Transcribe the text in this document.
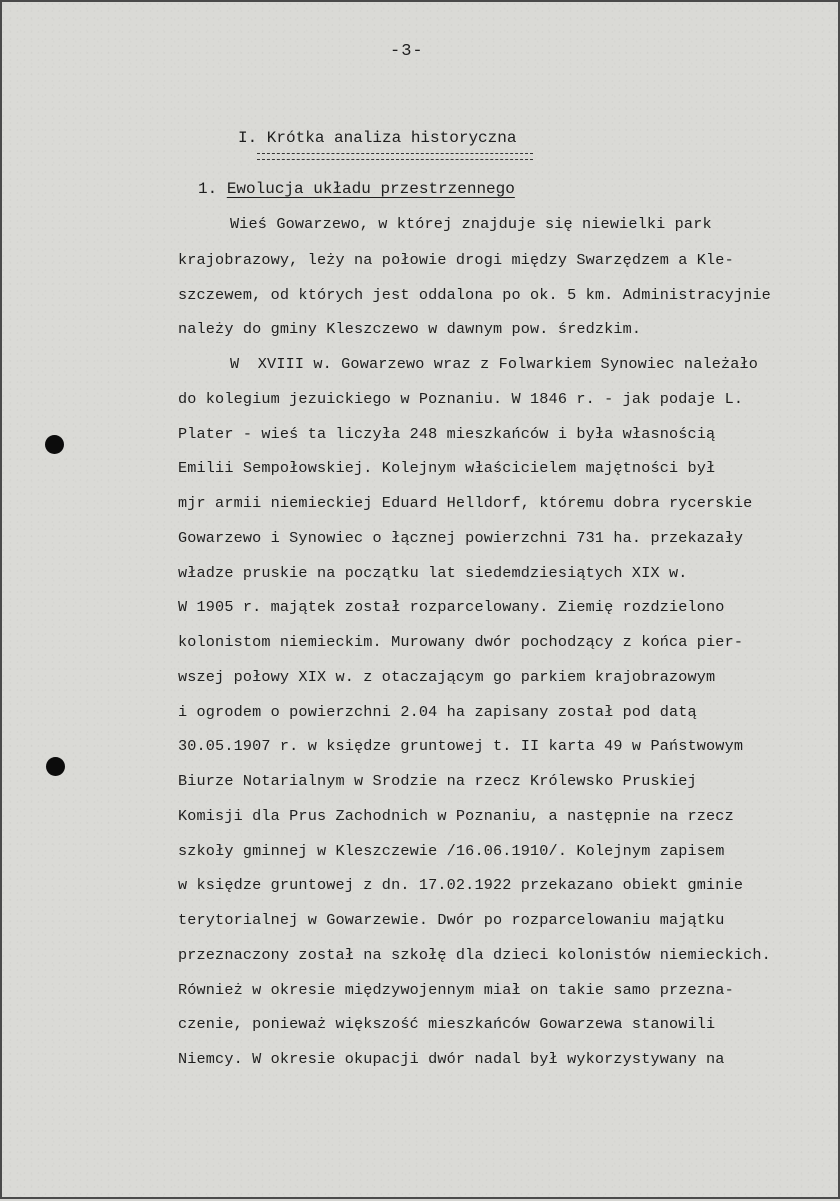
-3-
I. Krótka analiza historyczna
1. Ewolucja układu przestrzennego
Wieś Gowarzewo, w której znajduje się niewielki park
krajobrazowy, leży na połowie drogi między Swarzędzem a Kle-
szczewem, od których jest oddalona po ok. 5 km. Administracyjnie
należy do gminy Kleszczewo w dawnym pow. średzkim.
W  XVIII w. Gowarzewo wraz z Folwarkiem Synowiec należało
do kolegium jezuickiego w Poznaniu. W 1846 r. - jak podaje L.
Plater - wieś ta liczyła 248 mieszkańców i była własnością
Emilii Sempołowskiej. Kolejnym właścicielem majętności był
mjr armii niemieckiej Eduard Helldorf, któremu dobra rycerskie
Gowarzewo i Synowiec o łącznej powierzchni 731 ha. przekazały
władze pruskie na początku lat siedemdziesiątych XIX w.
W 1905 r. majątek został rozparcelowany. Ziemię rozdzielono
kolonistom niemieckim. Murowany dwór pochodzący z końca pier-
wszej połowy XIX w. z otaczającym go parkiem krajobrazowym
i ogrodem o powierzchni 2.04 ha zapisany został pod datą
30.05.1907 r. w księdze gruntowej t. II karta 49 w Państwowym
Biurze Notarialnym w Srodzie na rzecz Królewsko Pruskiej
Komisji dla Prus Zachodnich w Poznaniu, a następnie na rzecz
szkoły gminnej w Kleszczewie /16.06.1910/. Kolejnym zapisem
w księdze gruntowej z dn. 17.02.1922 przekazano obiekt gminie
terytorialnej w Gowarzewie. Dwór po rozparcelowaniu majątku
przeznaczony został na szkołę dla dzieci kolonistów niemieckich.
Również w okresie międzywojennym miał on takie samo przezna-
czenie, ponieważ większość mieszkańców Gowarzewa stanowili
Niemcy. W okresie okupacji dwór nadal był wykorzystywany na
